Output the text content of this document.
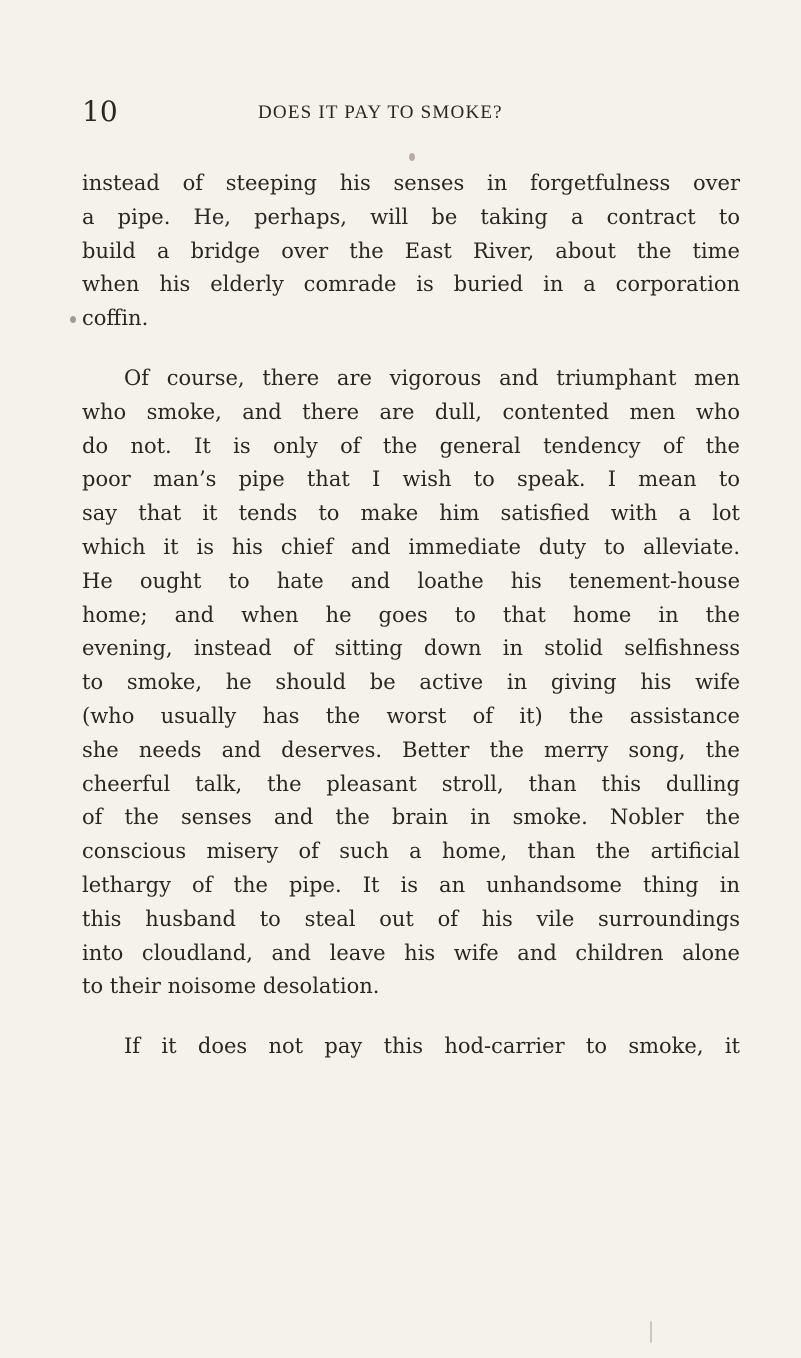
10	DOES IT PAY TO SMOKE?
instead of steeping his senses in forgetfulness over
a pipe. He, perhaps, will be taking a contract to
build a bridge over the East River, about the time
when his elderly comrade is buried in a corporation
coffin.
Of course, there are vigorous and triumphant men
who smoke, and there are dull, contented men who
do not. It is only of the general tendency of the
poor man’s pipe that I wish to speak. I mean to
say that it tends to make him satisfied with a lot
which it is his chief and immediate duty to alleviate.
He ought to hate and loathe his tenement-house
home; and when he goes to that home in the
evening, instead of sitting down in stolid selfishness
to smoke, he should be active in giving his wife
(who usually has the worst of it) the assistance
she needs and deserves. Better the merry song, the
cheerful talk, the pleasant stroll, than this dulling
of the senses and the brain in smoke. Nobler the
conscious misery of such a home, than the artificial
lethargy of the pipe. It is an unhandsome thing in
this husband to steal out of his vile surroundings
into cloudland, and leave his wife and children alone
to their noisome desolation.
If it does not pay this hod-carrier to smoke, it
